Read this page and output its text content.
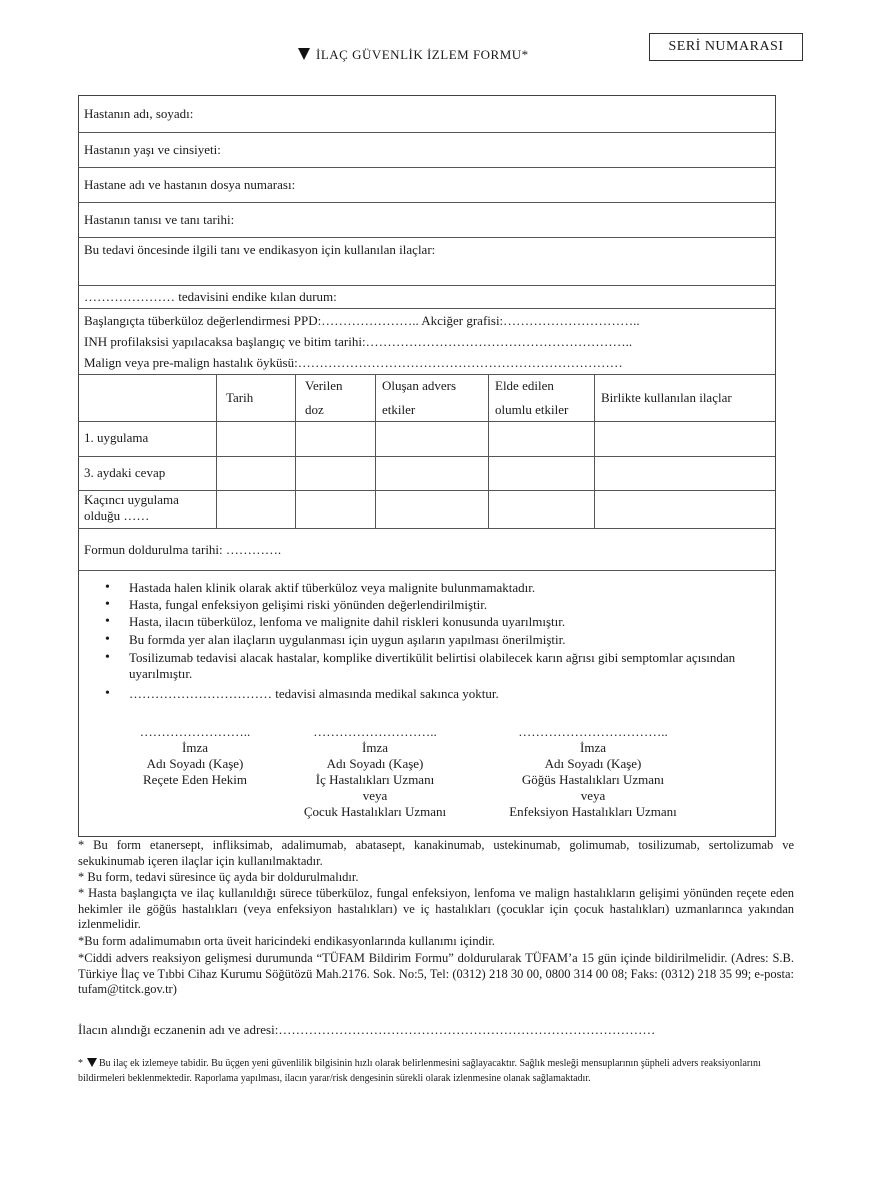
İLAÇ GÜVENLİK İZLEM FORMU*
SERİ NUMARASI
Hastanın adı, soyadı:
Hastanın yaşı ve cinsiyeti:
Hastane adı ve hastanın dosya numarası:
Hastanın tanısı ve tanı tarihi:
Bu tedavi öncesinde ilgili tanı ve endikasyon için kullanılan ilaçlar:
………………… tedavisini endike kılan durum:
Başlangıçta tüberküloz değerlendirmesi PPD:………………….. Akciğer grafisi:…………………………..
INH profilaksisi yapılacaksa başlangıç ve bitim tarihi:……………………………………………………..
Malign veya pre-malign hastalık öyküsü:…………………………………………………………………
Tarih
Verilen
doz
Oluşan advers
etkiler
Elde edilen
olumlu etkiler
Birlikte kullanılan ilaçlar
1. uygulama
3. aydaki cevap
Kaçıncı uygulama
olduğu ……
Formun doldurulma tarihi: ………….
• Hastada halen klinik olarak aktif tüberküloz veya malignite bulunmamaktadır.
• Hasta, fungal enfeksiyon gelişimi riski yönünden değerlendirilmiştir.
• Hasta, ilacın tüberküloz, lenfoma ve malignite dahil riskleri konusunda uyarılmıştır.
• Bu formda yer alan ilaçların uygulanması için uygun aşıların yapılması önerilmiştir.
• Tosilizumab tedavisi alacak hastalar, komplike divertikülit belirtisi olabilecek karın ağrısı gibi semptomlar açısından uyarılmıştır.
• …………………………… tedavisi almasında medikal sakınca yoktur.
……………………..
İmza
Adı Soyadı (Kaşe)
Reçete Eden Hekim
………………………..
İmza
Adı Soyadı (Kaşe)
İç Hastalıkları Uzmanı
veya
Çocuk Hastalıkları Uzmanı
……………………………..
İmza
Adı Soyadı (Kaşe)
Göğüs Hastalıkları Uzmanı
veya
Enfeksiyon Hastalıkları Uzmanı
* Bu form etanersept, infliksimab, adalimumab, abatasept, kanakinumab, ustekinumab, golimumab, tosilizumab, sertolizumab ve sekukinumab içeren ilaçlar için kullanılmaktadır.
* Bu form, tedavi süresince üç ayda bir doldurulmalıdır.
* Hasta başlangıçta ve ilaç kullanıldığı sürece tüberküloz, fungal enfeksiyon, lenfoma ve malign hastalıkların gelişimi yönünden reçete eden hekimler ile göğüs hastalıkları (veya enfeksiyon hastalıkları) ve iç hastalıkları (çocuklar için çocuk hastalıkları) uzmanlarınca yakından izlenmelidir.
*Bu form adalimumabın orta üveit haricindeki endikasyonlarında kullanımı içindir.
*Ciddi advers reaksiyon gelişmesi durumunda “TÜFAM Bildirim Formu” doldurularak TÜFAM’a 15 gün içinde bildirilmelidir. (Adres: S.B. Türkiye İlaç ve Tıbbi Cihaz Kurumu Söğütözü Mah.2176. Sok. No:5, Tel: (0312) 218 30 00, 0800 314 00 08; Faks: (0312) 218 35 99; e-posta: tufam@titck.gov.tr)
İlacın alındığı eczanenin adı ve adresi:……………………………………………………………………………
* Bu ilaç ek izlemeye tabidir. Bu üçgen yeni güvenlilik bilgisinin hızlı olarak belirlenmesini sağlayacaktır. Sağlık mesleği mensuplarının şüpheli advers reaksiyonlarını bildirmeleri beklenmektedir. Raporlama yapılması, ilacın yarar/risk dengesinin sürekli olarak izlenmesine olanak sağlamaktadır.
